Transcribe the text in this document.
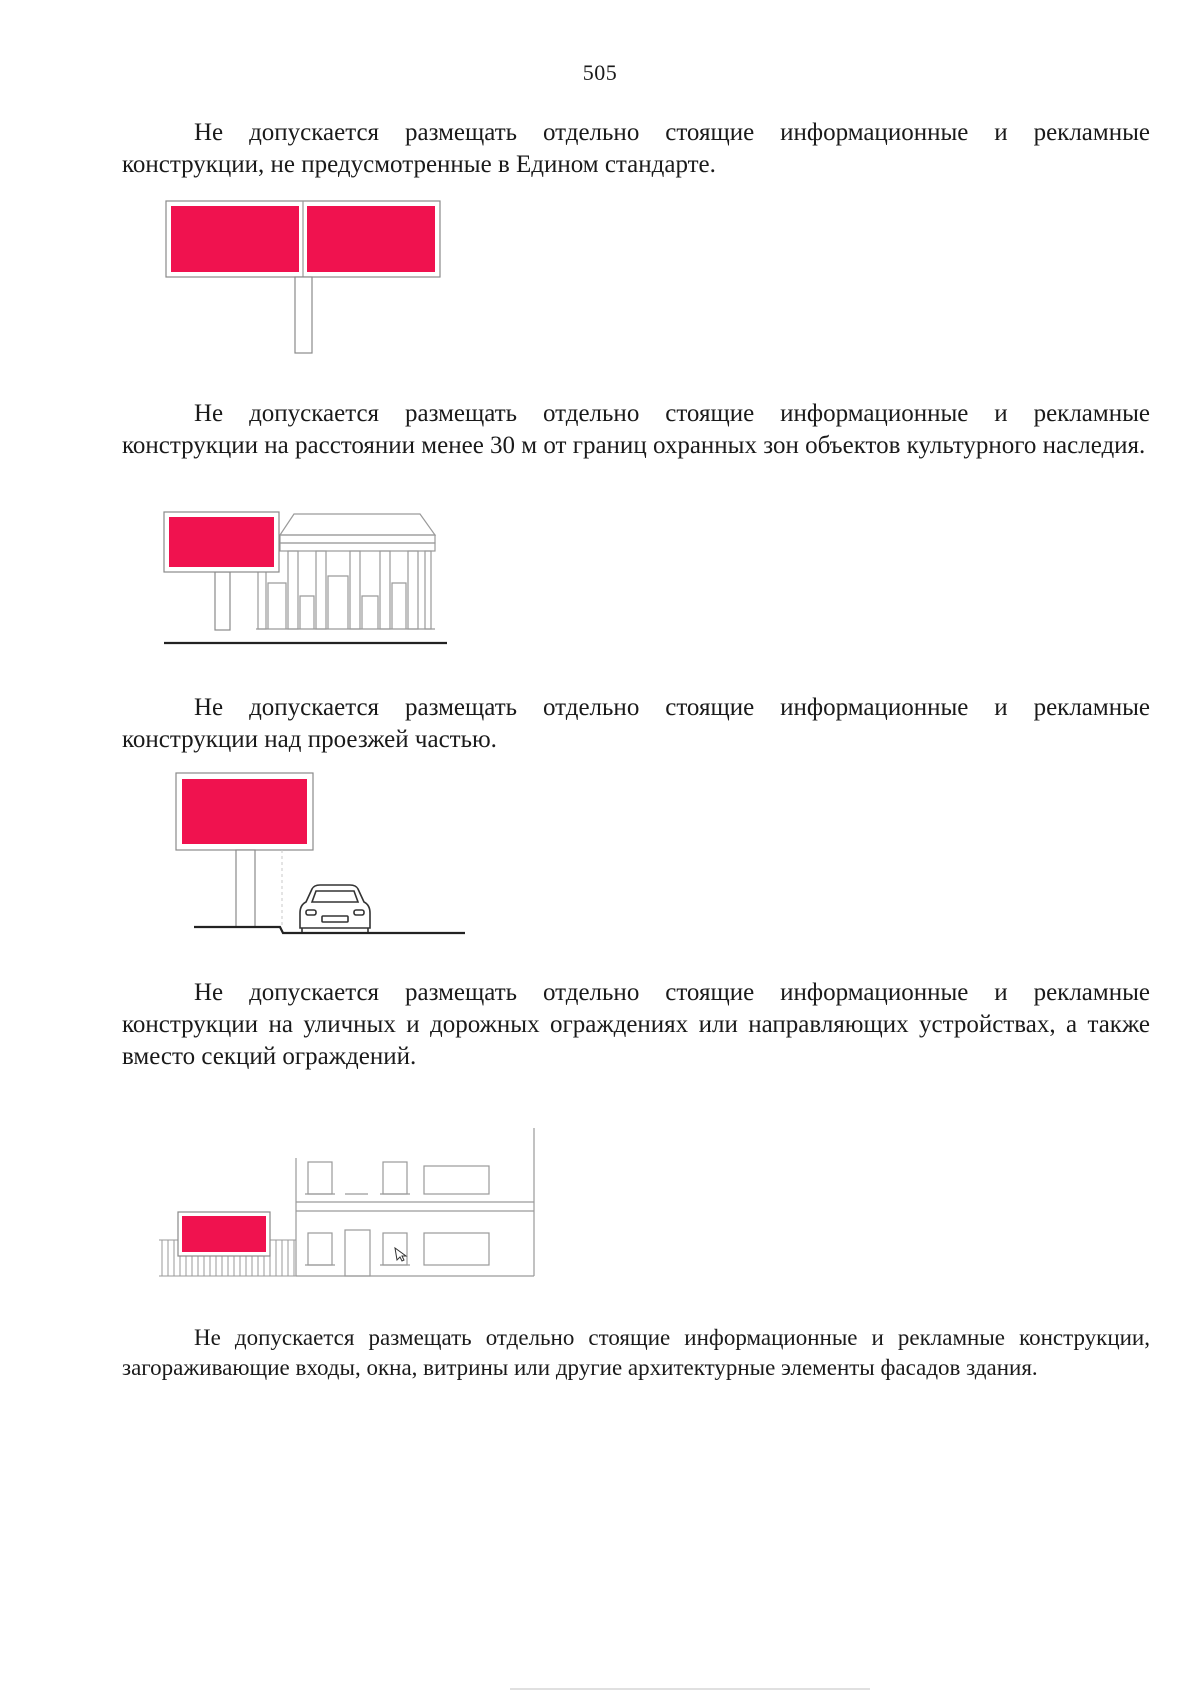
505

Не допускается размещать отдельно стоящие информационные и рекламные конструкции, не предусмотренные в Едином стандарте.

Не допускается размещать отдельно стоящие информационные и рекламные конструкции на расстоянии менее 30 м от границ охранных зон объектов культурного наследия.

Не допускается размещать отдельно стоящие информационные и рекламные конструкции над проезжей частью.

Не допускается размещать отдельно стоящие информационные и рекламные конструкции на уличных и дорожных ограждениях или направляющих устройствах, а также вместо секций ограждений.

Не допускается размещать отдельно стоящие информационные и рекламные конструкции, загораживающие входы, окна, витрины или другие архитектурные элементы фасадов здания.
